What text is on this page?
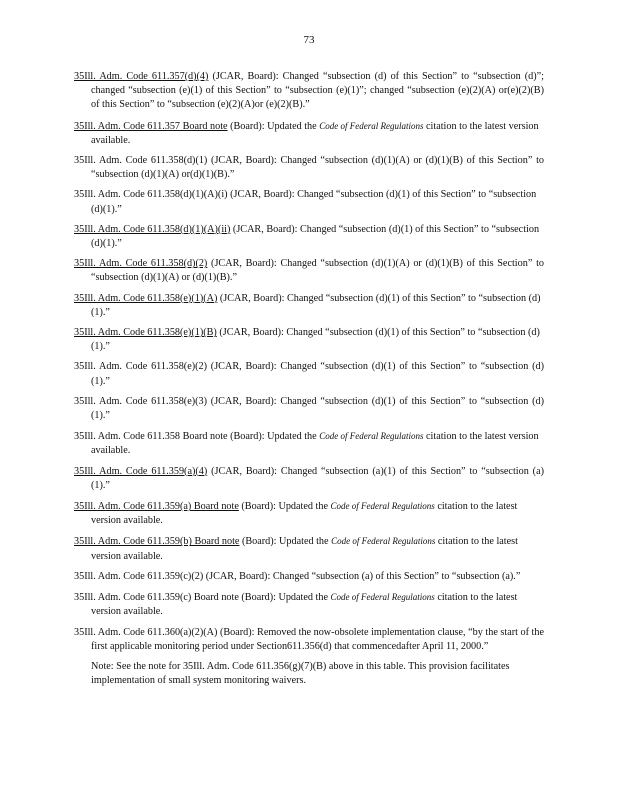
73
35Ill. Adm. Code 611.357(d)(4) (JCAR, Board): Changed “subsection (d) of this Section” to “subsection (d)”; changed “subsection (e)(1) of this Section” to “subsection (e)(1)”; changed “subsection (e)(2)(A) or(e)(2)(B) of this Section” to “subsection (e)(2)(A)or (e)(2)(B).”
35Ill. Adm. Code 611.357 Board note (Board): Updated the Code of Federal Regulations citation to the latest version available.
35Ill. Adm. Code 611.358(d)(1) (JCAR, Board): Changed “subsection (d)(1)(A) or (d)(1)(B) of this Section” to “subsection (d)(1)(A) or(d)(1)(B).”
35Ill. Adm. Code 611.358(d)(1)(A)(i) (JCAR, Board): Changed “subsection (d)(1) of this Section” to “subsection (d)(1).”
35Ill. Adm. Code 611.358(d)(1)(A)(ii) (JCAR, Board): Changed “subsection (d)(1) of this Section” to “subsection (d)(1).”
35Ill. Adm. Code 611.358(d)(2) (JCAR, Board): Changed “subsection (d)(1)(A) or (d)(1)(B) of this Section” to “subsection (d)(1)(A) or (d)(1)(B).”
35Ill. Adm. Code 611.358(e)(1)(A) (JCAR, Board): Changed “subsection (d)(1) of this Section” to “subsection (d)(1).”
35Ill. Adm. Code 611.358(e)(1)(B) (JCAR, Board): Changed “subsection (d)(1) of this Section” to “subsection (d)(1).”
35Ill. Adm. Code 611.358(e)(2) (JCAR, Board): Changed “subsection (d)(1) of this Section” to “subsection (d)(1).”
35Ill. Adm. Code 611.358(e)(3) (JCAR, Board): Changed “subsection (d)(1) of this Section” to “subsection (d)(1).”
35Ill. Adm. Code 611.358 Board note (Board): Updated the Code of Federal Regulations citation to the latest version available.
35Ill. Adm. Code 611.359(a)(4) (JCAR, Board): Changed “subsection (a)(1) of this Section” to “subsection (a)(1).”
35Ill. Adm. Code 611.359(a) Board note (Board): Updated the Code of Federal Regulations citation to the latest version available.
35Ill. Adm. Code 611.359(b) Board note (Board): Updated the Code of Federal Regulations citation to the latest version available.
35Ill. Adm. Code 611.359(c)(2) (JCAR, Board): Changed “subsection (a) of this Section” to “subsection (a).”
35Ill. Adm. Code 611.359(c) Board note (Board): Updated the Code of Federal Regulations citation to the latest version available.
35Ill. Adm. Code 611.360(a)(2)(A) (Board): Removed the now-obsolete implementation clause, “by the start of the first applicable monitoring period under Section611.356(d) that commencedafter April 11, 2000.”
Note: See the note for 35Ill. Adm. Code 611.356(g)(7)(B) above in this table. This provision facilitates implementation of small system monitoring waivers.
